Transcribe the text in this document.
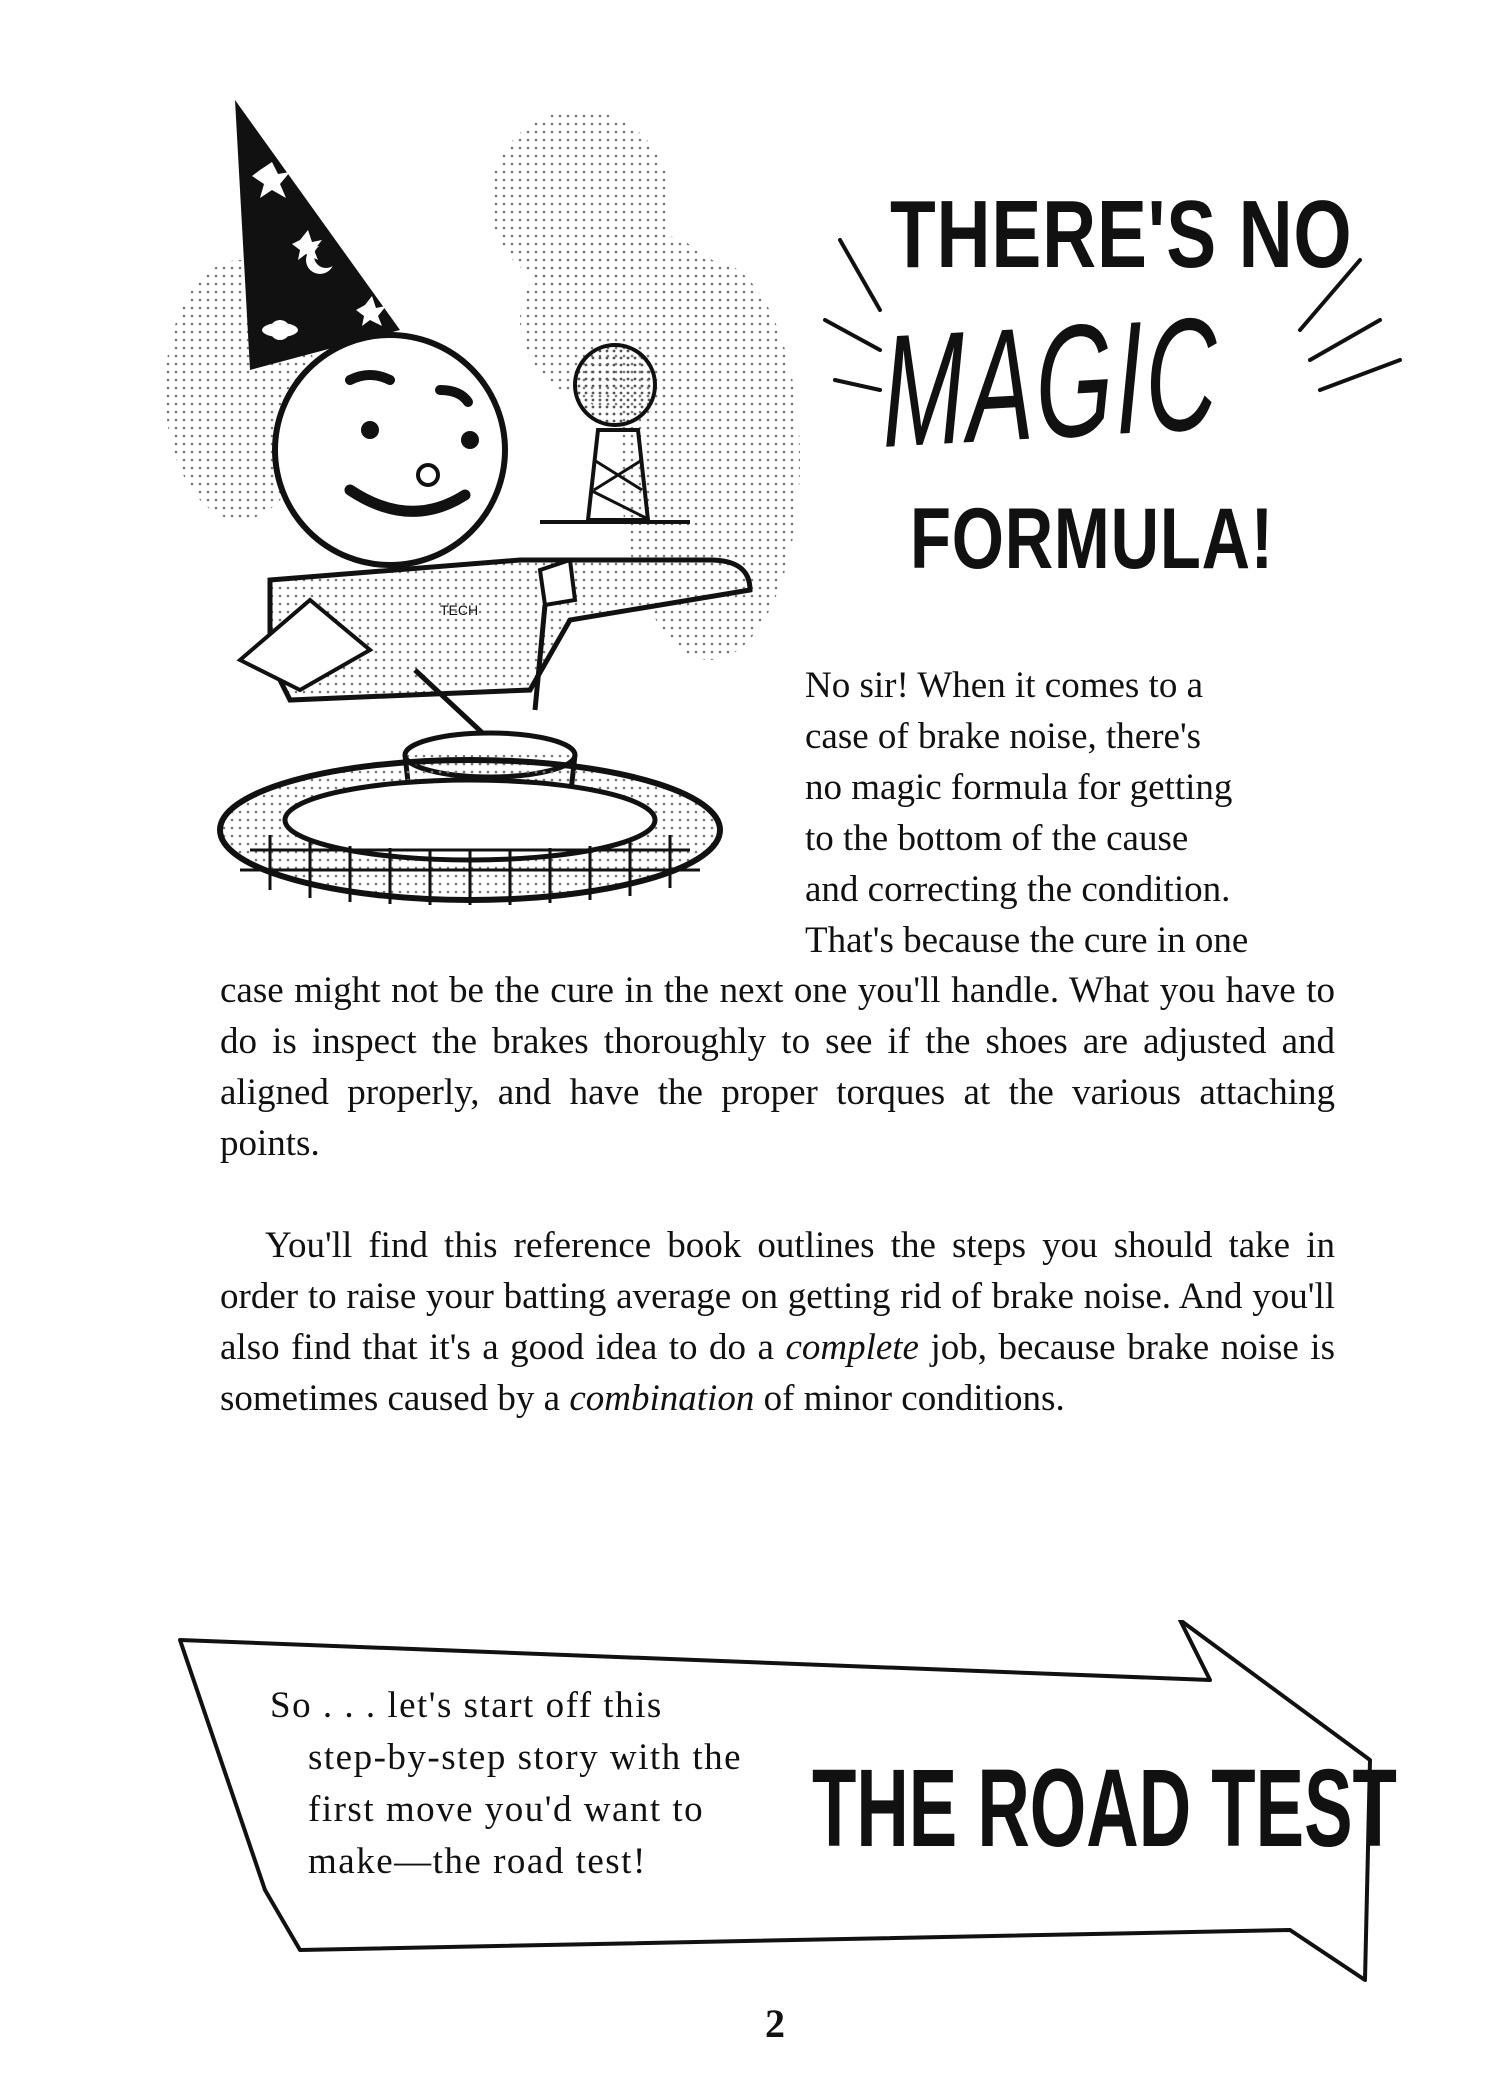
TECH
THERE'S NO
MAGIC
FORMULA!
No sir! When it comes to a
case of brake noise, there's
no magic formula for getting
to the bottom of the cause
and correcting the condition.
That's because the cure in one
case might not be the cure in the next one you'll handle. What you have to do is inspect the brakes thoroughly to see if the shoes are adjusted and aligned properly, and have the proper torques at the various attaching points.
You'll find this reference book outlines the steps you should take in order to raise your batting average on getting rid of brake noise. And you'll also find that it's a good idea to do a complete job, because brake noise is sometimes caused by a combination of minor conditions.
So . . . let's start off this
step-by-step story with the
first move you'd want to
make—the road test!	THE ROAD TEST
2
